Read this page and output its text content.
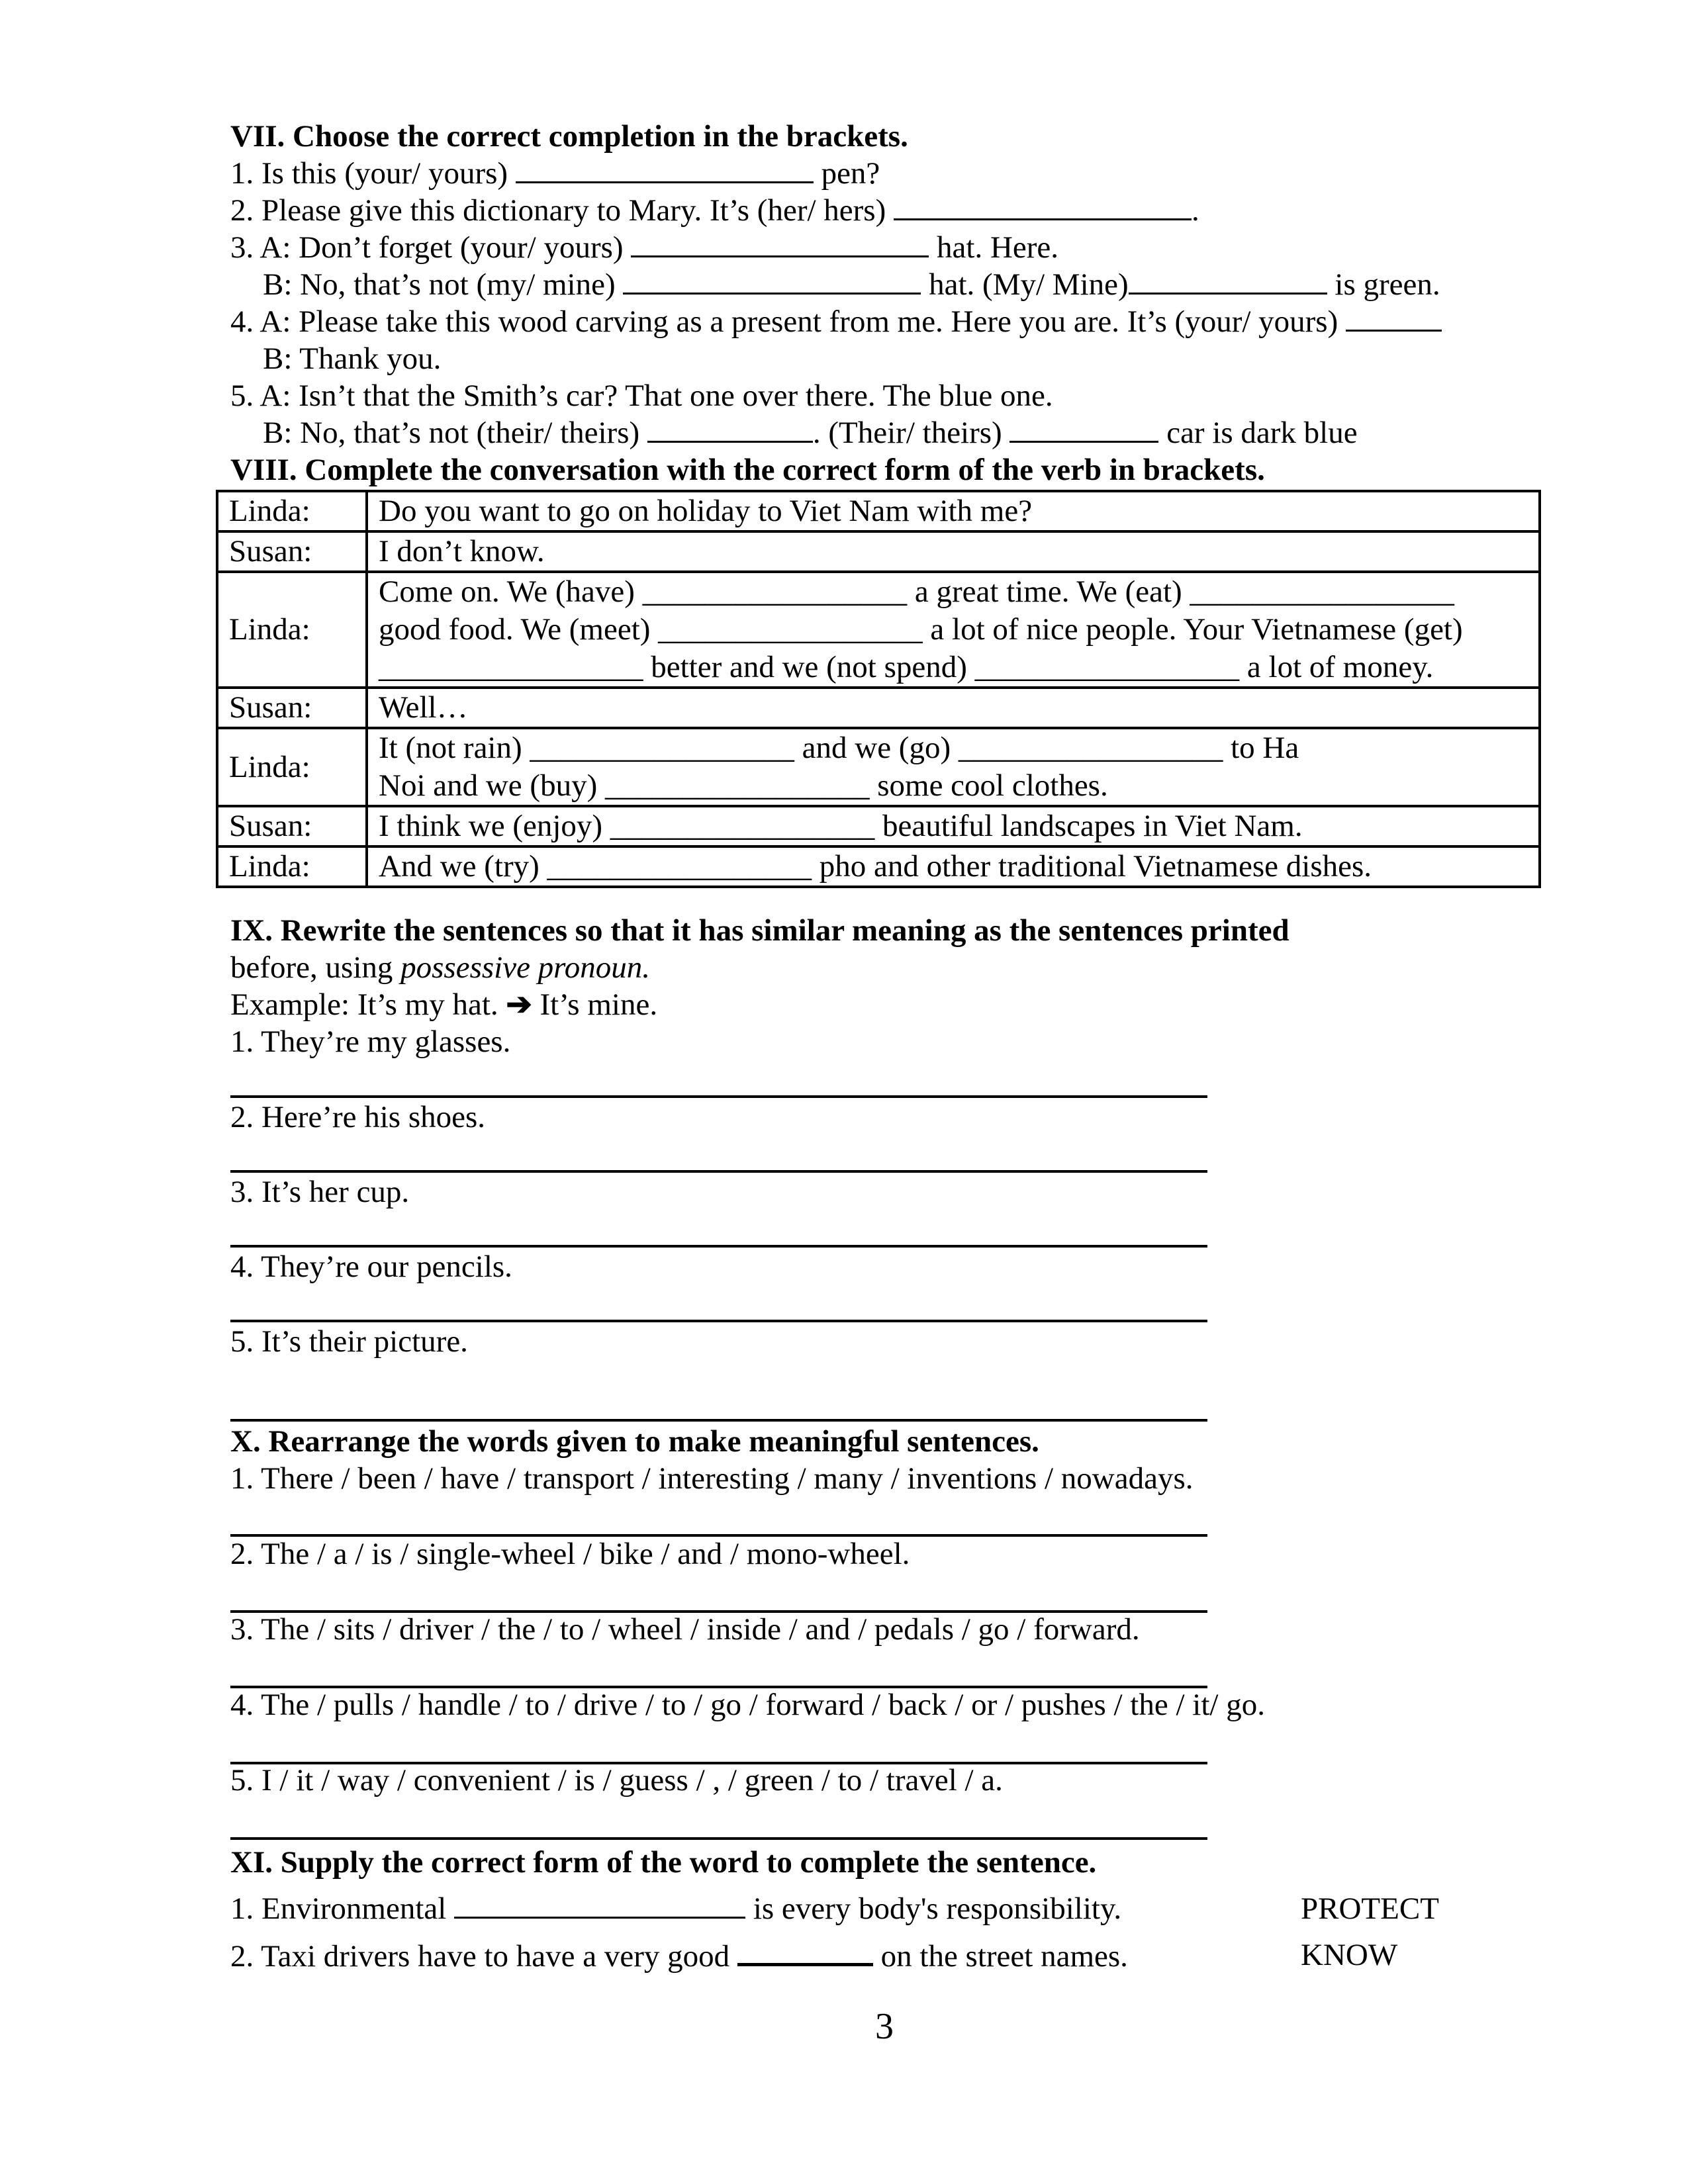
VII. Choose the correct completion in the brackets.
1. Is this (your/ yours)	pen?
2. Please give this dictionary to Mary. It’s (her/ hers)	.
3. A: Don’t forget (your/ yours)	hat. Here.
B: No, that’s not (my/ mine)	hat. (My/ Mine)	is green.
4. A: Please take this wood carving as a present from me. Here you are. It’s (your/ yours)
B: Thank you.
5. A: Isn’t that the Smith’s car? That one over there. The blue one.
B: No, that’s not (their/ theirs)	. (Their/ theirs)	car is dark blue
VIII. Complete the conversation with the correct form of the verb in brackets.
Linda:	Do you want to go on holiday to Viet Nam with me?

Susan:	I don’t know.

Linda:	Come on. We (have) _________________ a great time. We (eat) _________________
good food. We (meet) _________________ a lot of nice people. Your Vietnamese (get)
_________________ better and we (not spend) _________________ a lot of money.

Susan:	Well…

Linda:	It (not rain) _________________ and we (go) _________________ to Ha
Noi and we (buy) _________________ some cool clothes.

Susan:	I think we (enjoy) _________________ beautiful landscapes in Viet Nam.

Linda:	And we (try) _________________ pho and other traditional Vietnamese dishes.
IX. Rewrite the sentences so that it has similar meaning as the sentences printed
before, using possessive pronoun.
Example: It’s my hat. ➔ It’s mine.
1. They’re my glasses.
2. Here’re his shoes.
3. It’s her cup.
4. They’re our pencils.
5. It’s their picture.
X. Rearrange the words given to make meaningful sentences.
1. There / been / have / transport / interesting / many / inventions / nowadays.
2. The / a / is / single-wheel / bike / and / mono-wheel.
3. The / sits / driver / the / to / wheel / inside / and / pedals / go / forward.
4. The / pulls / handle / to / drive / to / go / forward / back / or / pushes / the / it/ go.
5. I / it / way / convenient / is / guess / , / green / to / travel / a.
XI. Supply the correct form of the word to complete the sentence.
1. Environmental	is every body's responsibility.	PROTECT
2. Taxi drivers have to have a very good	on the street names.	KNOW
3
